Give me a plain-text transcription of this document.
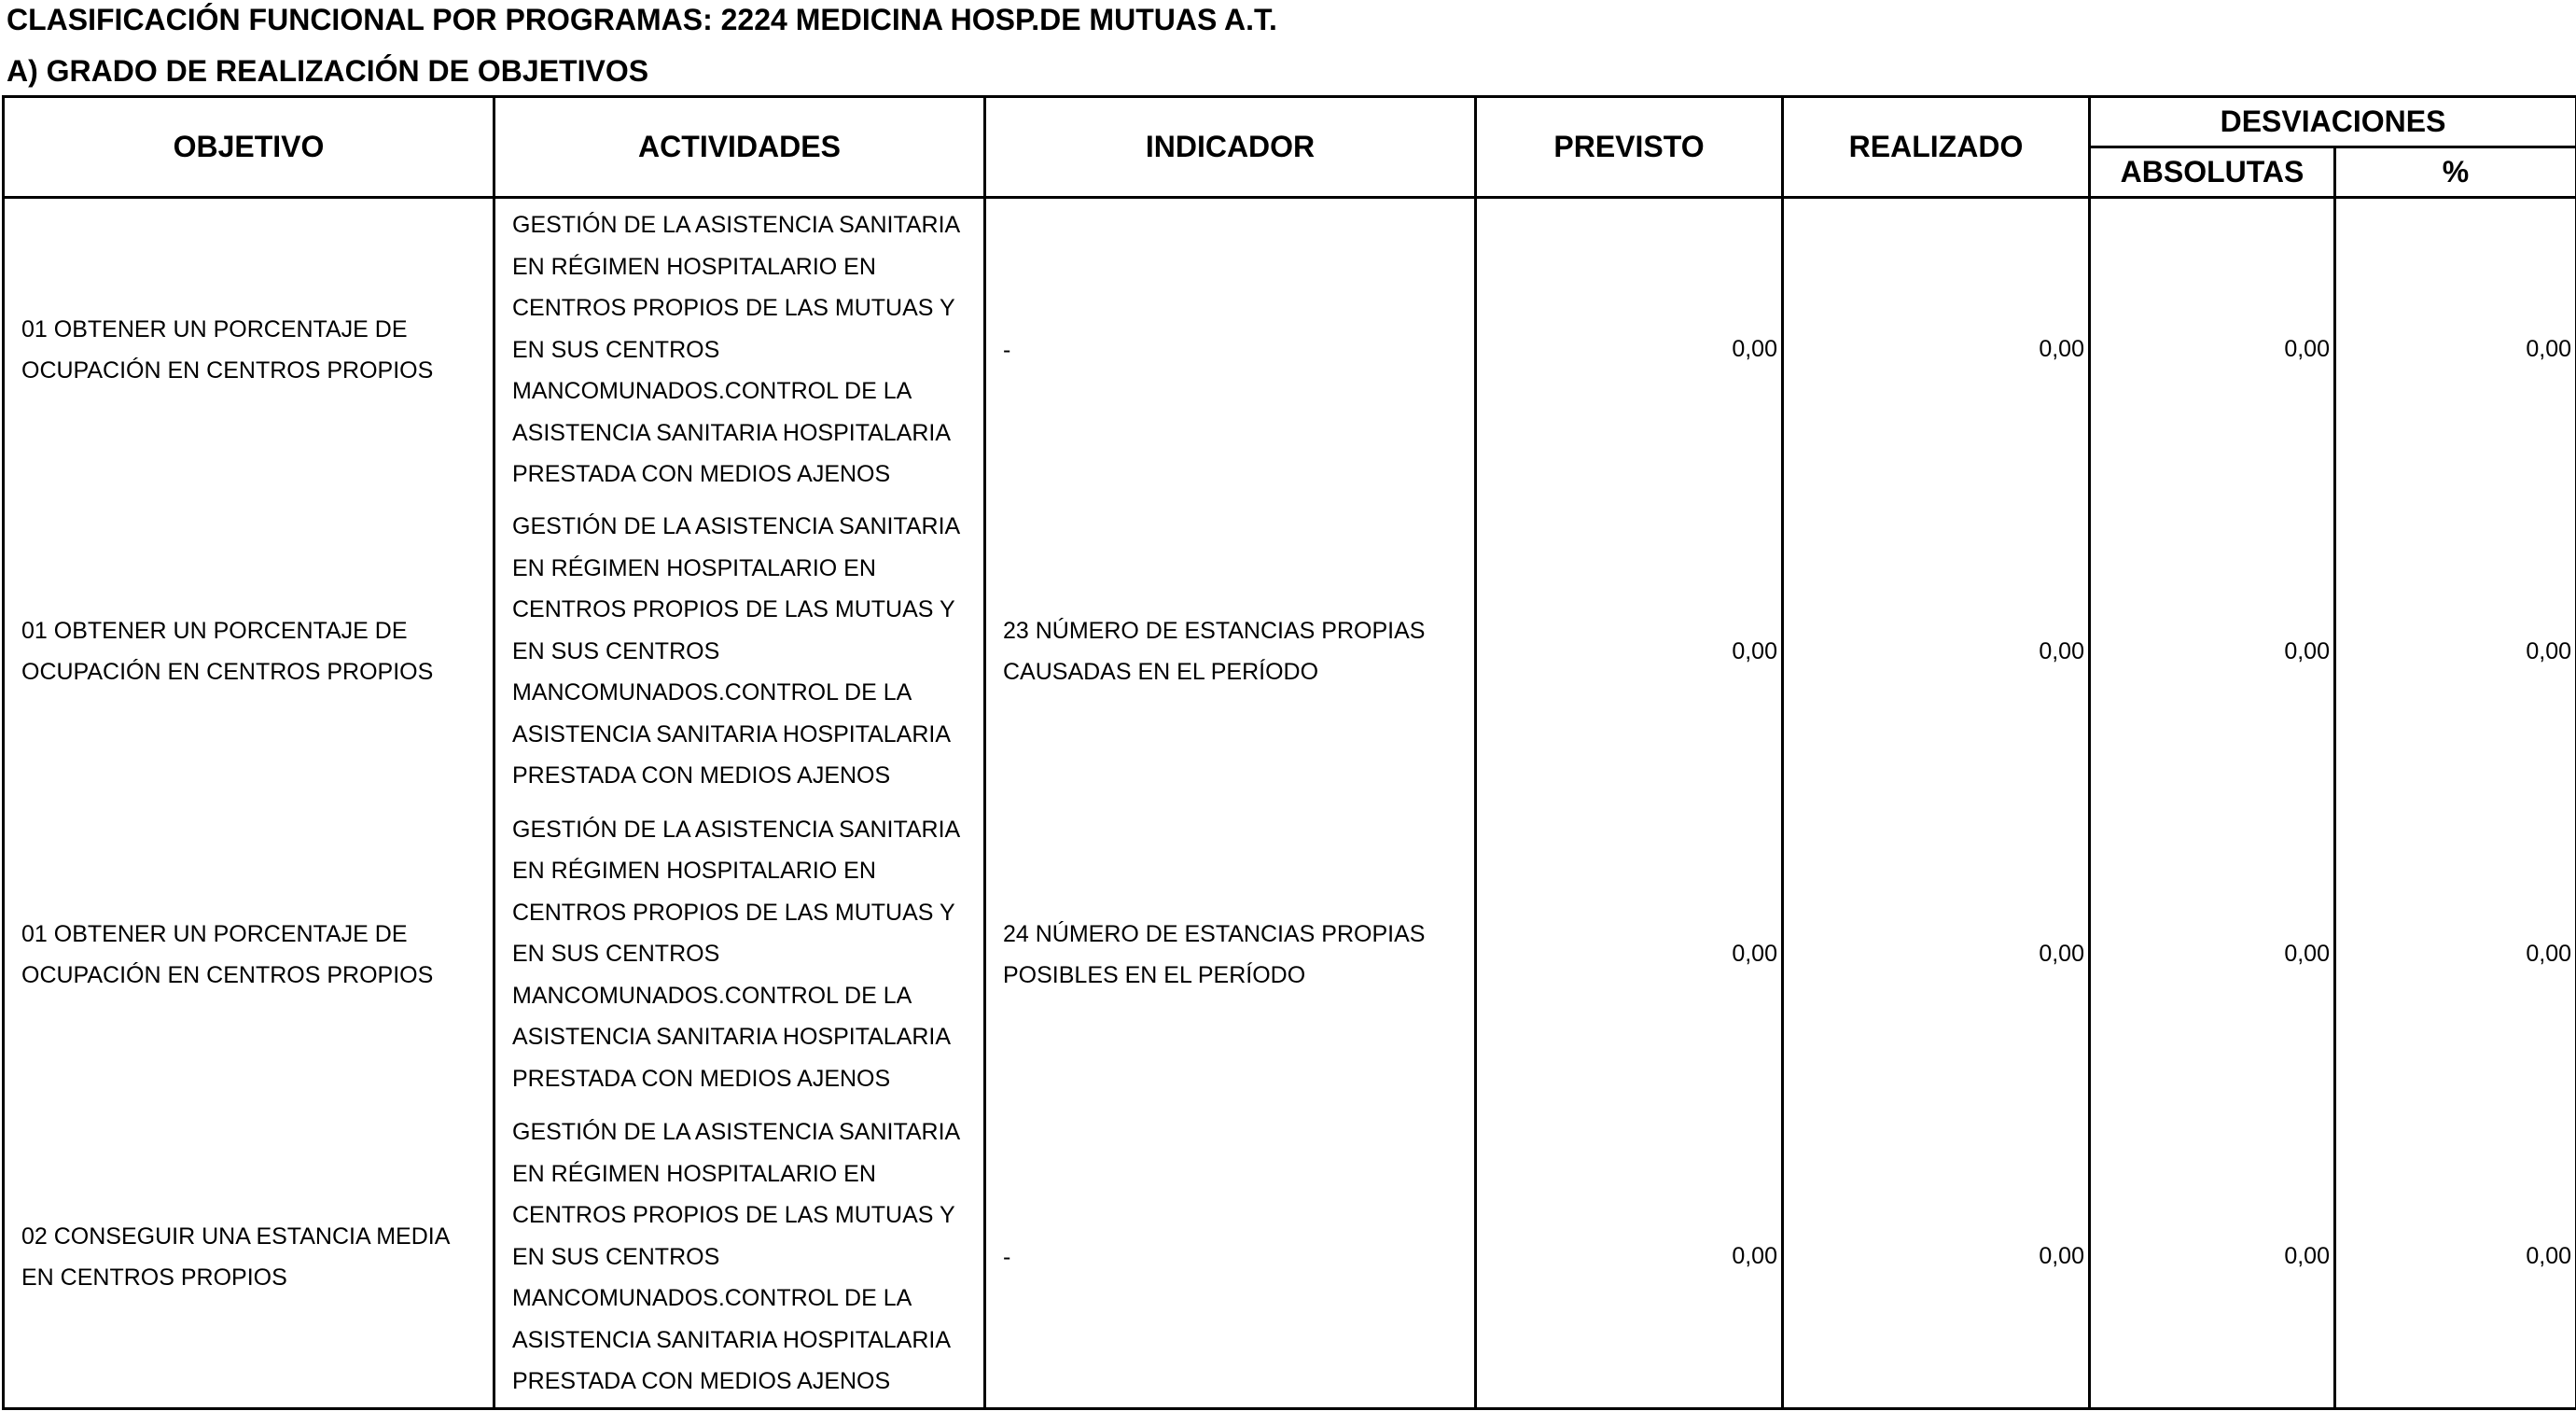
CLASIFICACIÓN FUNCIONAL POR PROGRAMAS: 2224 MEDICINA HOSP.DE MUTUAS A.T.
A) GRADO DE REALIZACIÓN DE OBJETIVOS
OBJETIVO	ACTIVIDADES	INDICADOR	PREVISTO	REALIZADO	DESVIACIONES	
					ABSOLUTAS	%
01 OBTENER UN PORCENTAJE DE OCUPACIÓN EN CENTROS PROPIOS	GESTIÓN DE LA ASISTENCIA SANITARIA EN RÉGIMEN HOSPITALARIO EN CENTROS PROPIOS DE LAS MUTUAS Y EN SUS CENTROS MANCOMUNADOS.CONTROL DE LA ASISTENCIA SANITARIA HOSPITALARIA PRESTADA CON MEDIOS AJENOS	-	0,00	0,00	0,00	0,00
01 OBTENER UN PORCENTAJE DE OCUPACIÓN EN CENTROS PROPIOS	GESTIÓN DE LA ASISTENCIA SANITARIA EN RÉGIMEN HOSPITALARIO EN CENTROS PROPIOS DE LAS MUTUAS Y EN SUS CENTROS MANCOMUNADOS.CONTROL DE LA ASISTENCIA SANITARIA HOSPITALARIA PRESTADA CON MEDIOS AJENOS	23 NÚMERO DE ESTANCIAS PROPIAS CAUSADAS EN EL PERÍODO	0,00	0,00	0,00	0,00
01 OBTENER UN PORCENTAJE DE OCUPACIÓN EN CENTROS PROPIOS	GESTIÓN DE LA ASISTENCIA SANITARIA EN RÉGIMEN HOSPITALARIO EN CENTROS PROPIOS DE LAS MUTUAS Y EN SUS CENTROS MANCOMUNADOS.CONTROL DE LA ASISTENCIA SANITARIA HOSPITALARIA PRESTADA CON MEDIOS AJENOS	24 NÚMERO DE ESTANCIAS PROPIAS POSIBLES EN EL PERÍODO	0,00	0,00	0,00	0,00
02 CONSEGUIR UNA ESTANCIA MEDIA EN CENTROS PROPIOS	GESTIÓN DE LA ASISTENCIA SANITARIA EN RÉGIMEN HOSPITALARIO EN CENTROS PROPIOS DE LAS MUTUAS Y EN SUS CENTROS MANCOMUNADOS.CONTROL DE LA ASISTENCIA SANITARIA HOSPITALARIA PRESTADA CON MEDIOS AJENOS	-	0,00	0,00	0,00	0,00
